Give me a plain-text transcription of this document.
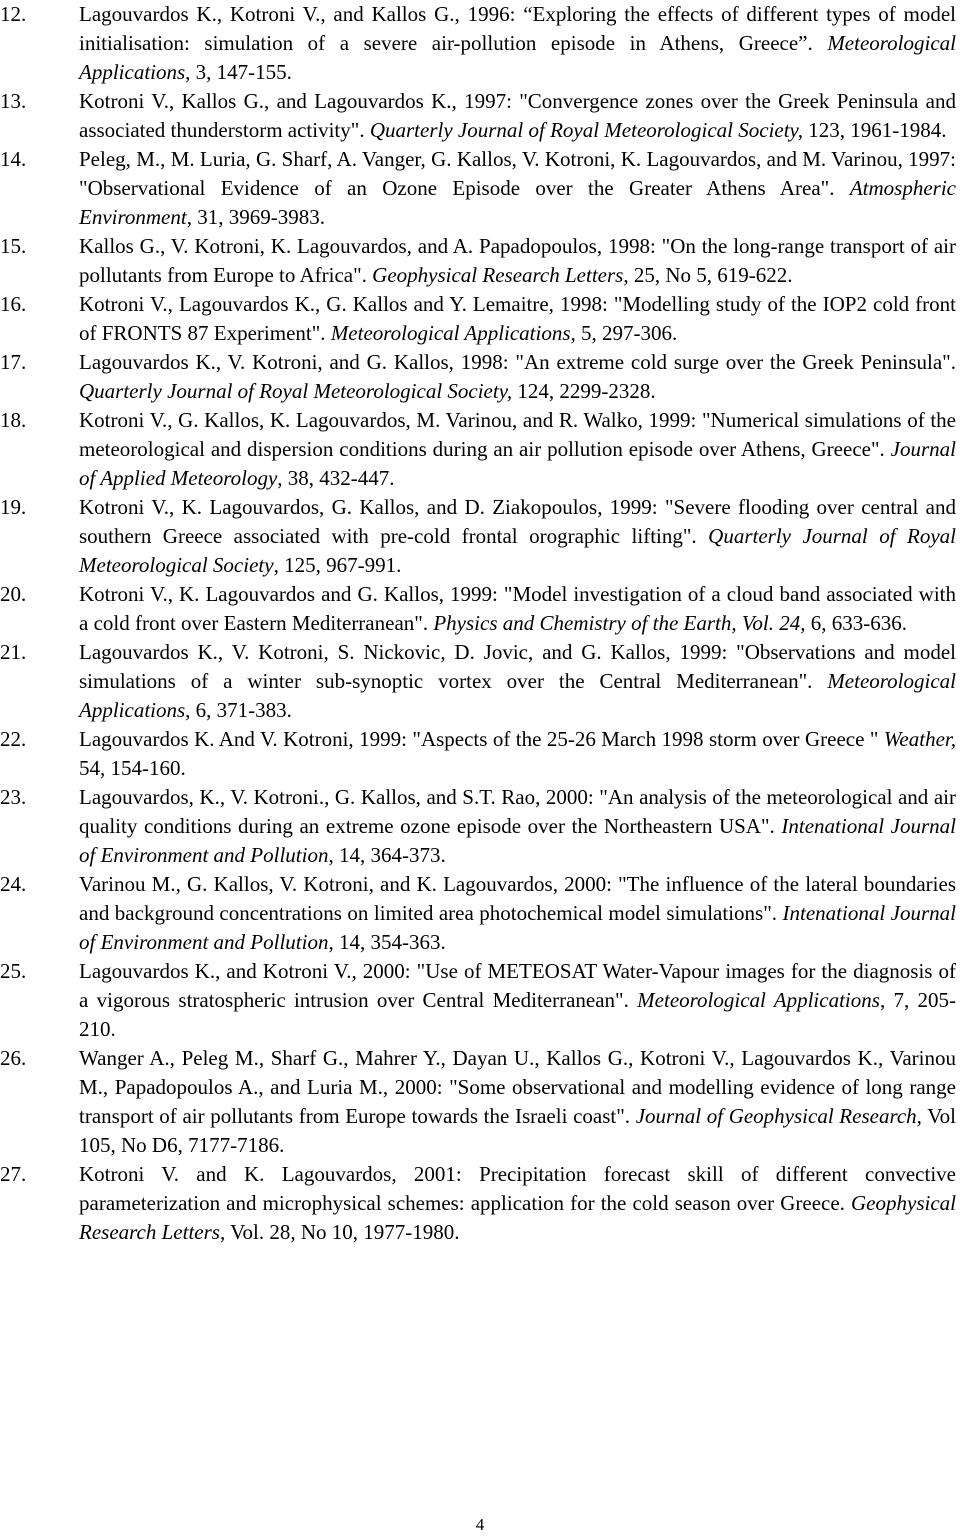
12.	Lagouvardos K., Kotroni V., and Kallos G., 1996: “Exploring the effects of different types of model initialisation: simulation of a severe air-pollution episode in Athens, Greece”. Meteorological Applications, 3, 147-155.
13.	Kotroni V., Kallos G., and Lagouvardos K., 1997: "Convergence zones over the Greek Peninsula and associated thunderstorm activity". Quarterly Journal of Royal Meteorological Society, 123, 1961-1984.
14.	Peleg, M., M. Luria, G. Sharf, A. Vanger, G. Kallos, V. Kotroni, K. Lagouvardos, and M. Varinou, 1997: "Observational Evidence of an Ozone Episode over the Greater Athens Area". Atmospheric Environment, 31, 3969-3983.
15.	Kallos G., V. Kotroni, K. Lagouvardos, and A. Papadopoulos, 1998: "On the long-range transport of air pollutants from Europe to Africa". Geophysical Research Letters, 25, No 5, 619-622.
16.	Kotroni V., Lagouvardos K., G. Kallos and Y. Lemaitre, 1998: "Modelling study of the IOP2 cold front of FRONTS 87 Experiment". Meteorological Applications, 5, 297-306.
17.	Lagouvardos K., V. Kotroni, and G. Kallos, 1998: "An extreme cold surge over the Greek Peninsula". Quarterly Journal of Royal Meteorological Society, 124, 2299-2328.
18.	Kotroni V., G. Kallos, K. Lagouvardos, M. Varinou, and R. Walko, 1999: "Numerical simulations of the meteorological and dispersion conditions during an air pollution episode over Athens, Greece". Journal of Applied Meteorology, 38, 432-447.
19.	Kotroni V., K. Lagouvardos, G. Kallos, and D. Ziakopoulos, 1999: "Severe flooding over central and southern Greece associated with pre-cold frontal orographic lifting". Quarterly Journal of Royal Meteorological Society, 125, 967-991.
20.	Kotroni V., K. Lagouvardos and G. Kallos, 1999: "Model investigation of a cloud band associated with a cold front over Eastern Mediterranean". Physics and Chemistry of the Earth, Vol. 24, 6, 633-636.
21.	Lagouvardos K., V. Kotroni, S. Nickovic, D. Jovic, and G. Kallos, 1999: "Observations and model simulations of a winter sub-synoptic vortex over the Central Mediterranean". Meteorological Applications, 6, 371-383.
22.	Lagouvardos K. And V. Kotroni, 1999: "Aspects of the 25-26 March 1998 storm over Greece " Weather, 54, 154-160.
23.	Lagouvardos, K., V. Kotroni., G. Kallos, and S.T. Rao, 2000: "An analysis of the meteorological and air quality conditions during an extreme ozone episode over the Northeastern USA". Intenational Journal of Environment and Pollution, 14, 364-373.
24.	Varinou M., G. Kallos, V. Kotroni, and K. Lagouvardos, 2000: "The influence of the lateral boundaries and background concentrations on limited area photochemical model simulations". Intenational Journal of Environment and Pollution, 14, 354-363.
25.	Lagouvardos K., and Kotroni V., 2000: "Use of METEOSAT Water-Vapour images for the diagnosis of a vigorous stratospheric intrusion over Central Mediterranean". Meteorological Applications, 7, 205-210.
26.	Wanger A., Peleg M., Sharf G., Mahrer Y., Dayan U., Kallos G., Kotroni V., Lagouvardos K., Varinou M., Papadopoulos A., and Luria M., 2000: "Some observational and modelling evidence of long range transport of air pollutants from Europe towards the Israeli coast". Journal of Geophysical Research, Vol 105, No D6, 7177-7186.
27.	Kotroni V. and K. Lagouvardos, 2001: Precipitation forecast skill of different convective parameterization and microphysical schemes: application for the cold season over Greece. Geophysical Research Letters, Vol. 28, No 10, 1977-1980.
4
